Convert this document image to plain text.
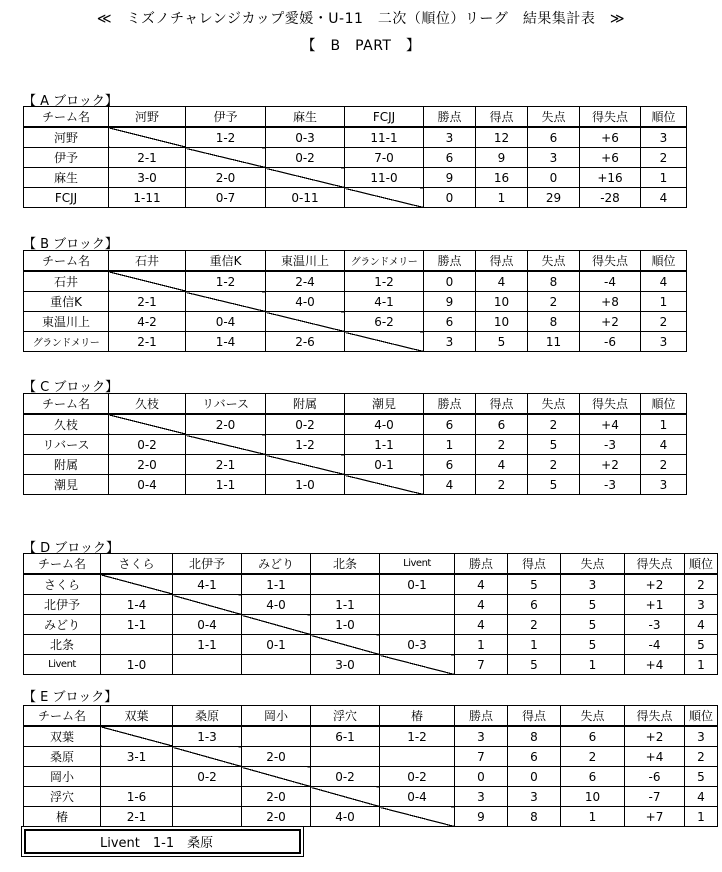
≪　ミズノチャレンジカップ愛媛・U-11　二次（順位）リーグ　結果集計表　≫
【　B　PART　】
【 A ブロック】
チーム名	河野	伊予	麻生	FCJJ	勝点	得点	失点	得失点	順位
河野		1-2	0-3	11-1	3	12	6	+6	3
伊予	2-1		0-2	7-0	6	9	3	+6	2
麻生	3-0	2-0		11-0	9	16	0	+16	1
FCJJ	1-11	0-7	0-11		0	1	29	-28	4
【 B ブロック】
チーム名	石井	重信K	東温川上	グランドメリー	勝点	得点	失点	得失点	順位
石井		1-2	2-4	1-2	0	4	8	-4	4
重信K	2-1		4-0	4-1	9	10	2	+8	1
東温川上	4-2	0-4		6-2	6	10	8	+2	2
グランドメリー	2-1	1-4	2-6		3	5	11	-6	3
【 C ブロック】
チーム名	久枝	リバース	附属	潮見	勝点	得点	失点	得失点	順位
久枝		2-0	0-2	4-0	6	6	2	+4	1
リバース	0-2		1-2	1-1	1	2	5	-3	4
附属	2-0	2-1		0-1	6	4	2	+2	2
潮見	0-4	1-1	1-0		4	2	5	-3	3
【 D ブロック】
チーム名	さくら	北伊予	みどり	北条	Livent	勝点	得点	失点	得失点	順位
さくら		4-1	1-1		0-1	4	5	3	+2	2
北伊予	1-4		4-0	1-1		4	6	5	+1	3
みどり	1-1	0-4		1-0		4	2	5	-3	4
北条		1-1	0-1		0-3	1	1	5	-4	5
Livent	1-0			3-0		7	5	1	+4	1
【 E ブロック】
チーム名	双葉	桑原	岡小	浮穴	椿	勝点	得点	失点	得失点	順位
双葉		1-3		6-1	1-2	3	8	6	+2	3
桑原	3-1		2-0			7	6	2	+4	2
岡小		0-2		0-2	0-2	0	0	6	-6	5
浮穴	1-6		2-0		0-4	3	3	10	-7	4
椿	2-1		2-0	4-0		9	8	1	+7	1
Livent　1-1　桑原
